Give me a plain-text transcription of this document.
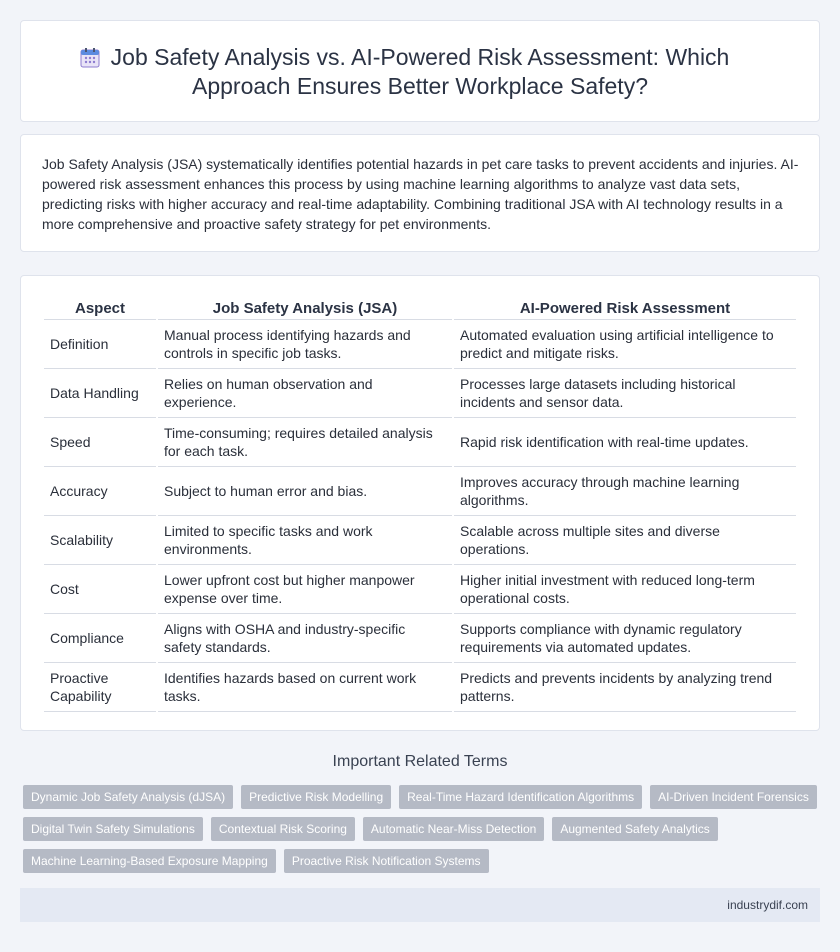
Job Safety Analysis vs. AI-Powered Risk Assessment: Which Approach Ensures Better Workplace Safety?

Job Safety Analysis (JSA) systematically identifies potential hazards in pet care tasks to prevent accidents and injuries. AI-powered risk assessment enhances this process by using machine learning algorithms to analyze vast data sets, predicting risks with higher accuracy and real-time adaptability. Combining traditional JSA with AI technology results in a more comprehensive and proactive safety strategy for pet environments.

Aspect	Job Safety Analysis (JSA)	AI-Powered Risk Assessment
Definition	Manual process identifying hazards and controls in specific job tasks.	Automated evaluation using artificial intelligence to predict and mitigate risks.
Data Handling	Relies on human observation and experience.	Processes large datasets including historical incidents and sensor data.
Speed	Time-consuming; requires detailed analysis for each task.	Rapid risk identification with real-time updates.
Accuracy	Subject to human error and bias.	Improves accuracy through machine learning algorithms.
Scalability	Limited to specific tasks and work environments.	Scalable across multiple sites and diverse operations.
Cost	Lower upfront cost but higher manpower expense over time.	Higher initial investment with reduced long-term operational costs.
Compliance	Aligns with OSHA and industry-specific safety standards.	Supports compliance with dynamic regulatory requirements via automated updates.
Proactive Capability	Identifies hazards based on current work tasks.	Predicts and prevents incidents by analyzing trend patterns.
Important Related Terms
Dynamic Job Safety Analysis (dJSA)	Predictive Risk Modelling	Real-Time Hazard Identification Algorithms	AI-Driven Incident Forensics
Digital Twin Safety Simulations	Contextual Risk Scoring	Automatic Near-Miss Detection	Augmented Safety Analytics
Machine Learning-Based Exposure Mapping	Proactive Risk Notification Systems
industrydif.com
